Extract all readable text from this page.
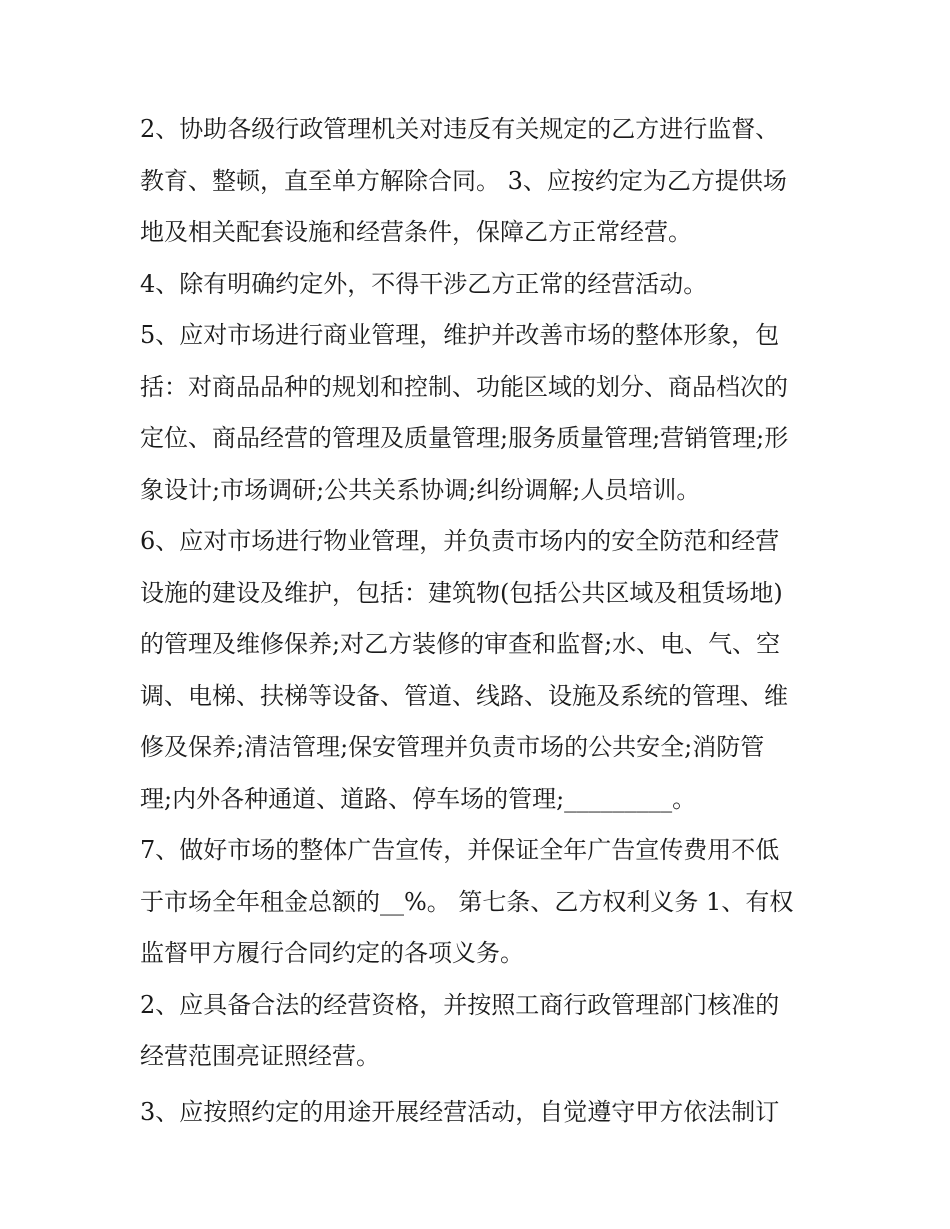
2、协助各级行政管理机关对违反有关规定的乙方进行监督、
教育、整顿，直至单方解除合同。 3、应按约定为乙方提供场
地及相关配套设施和经营条件，保障乙方正常经营。
4、除有明确约定外，不得干涉乙方正常的经营活动。
5、应对市场进行商业管理，维护并改善市场的整体形象，包
括：对商品品种的规划和控制、功能区域的划分、商品档次的
定位、商品经营的管理及质量管理;服务质量管理;营销管理;形
象设计;市场调研;公共关系协调;纠纷调解;人员培训。
6、应对市场进行物业管理，并负责市场内的安全防范和经营
设施的建设及维护，包括：建筑物(包括公共区域及租赁场地)
的管理及维修保养;对乙方装修的审查和监督;水、电、气、空
调、电梯、扶梯等设备、管道、线路、设施及系统的管理、维
修及保养;清洁管理;保安管理并负责市场的公共安全;消防管
理;内外各种通道、道路、停车场的管理;_________。
7、做好市场的整体广告宣传，并保证全年广告宣传费用不低
于市场全年租金总额的__%。 第七条、乙方权利义务 1、有权
监督甲方履行合同约定的各项义务。
2、应具备合法的经营资格，并按照工商行政管理部门核准的
经营范围亮证照经营。
3、应按照约定的用途开展经营活动，自觉遵守甲方依法制订
